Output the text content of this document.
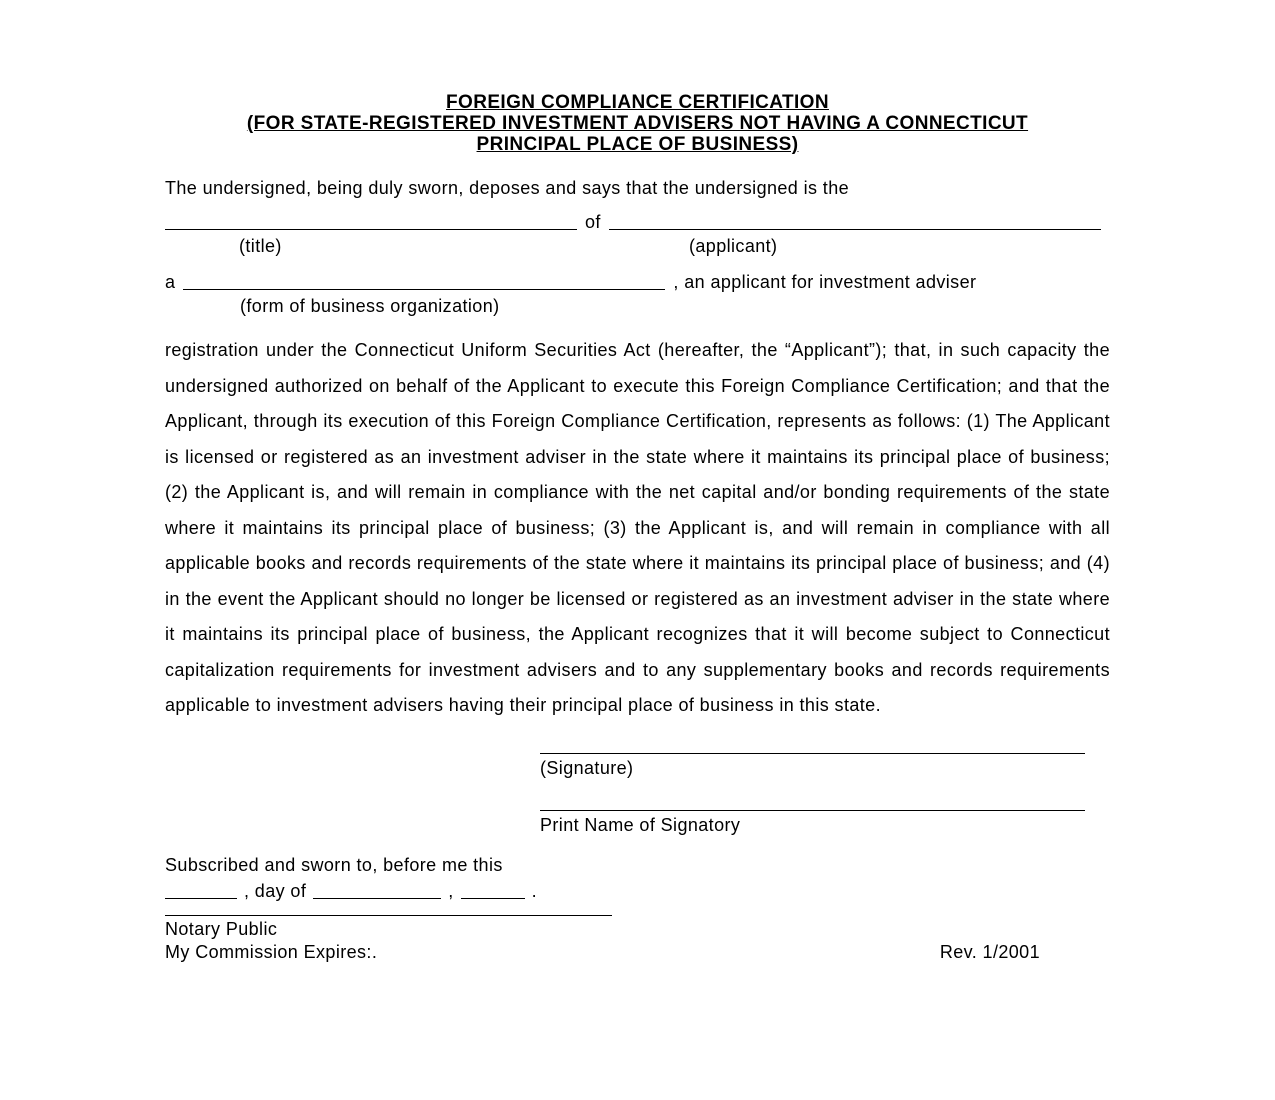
FOREIGN COMPLIANCE CERTIFICATION
(FOR STATE-REGISTERED INVESTMENT ADVISERS NOT HAVING A CONNECTICUT
PRINCIPAL PLACE OF BUSINESS)
The undersigned, being duly sworn, deposes and says that the undersigned is the
of
(title)	(applicant)
a	, an applicant for investment adviser
(form of business organization)
registration under the Connecticut Uniform Securities Act (hereafter, the “Applicant”); that, in such capacity the undersigned authorized on behalf of the Applicant to execute this Foreign Compliance Certification; and that the Applicant, through its execution of this Foreign Compliance Certification, represents as follows: (1) The Applicant is licensed or registered as an investment adviser in the state where it maintains its principal place of business; (2) the Applicant is, and will remain in compliance with the net capital and/or bonding requirements of the state where it maintains its principal place of business; (3) the Applicant is, and will remain in compliance with all applicable books and records requirements of the state where it maintains its principal place of business; and (4) in the event the Applicant should no longer be licensed or registered as an investment adviser in the state where it maintains its principal place of business, the Applicant recognizes that it will become subject to Connecticut capitalization requirements for investment advisers and to any supplementary books and records requirements applicable to investment advisers having their principal place of business in this state.
(Signature)
Print Name of Signatory
Subscribed and sworn to, before me this
, day of	,	.
Notary Public
My Commission Expires:.	Rev. 1/2001
